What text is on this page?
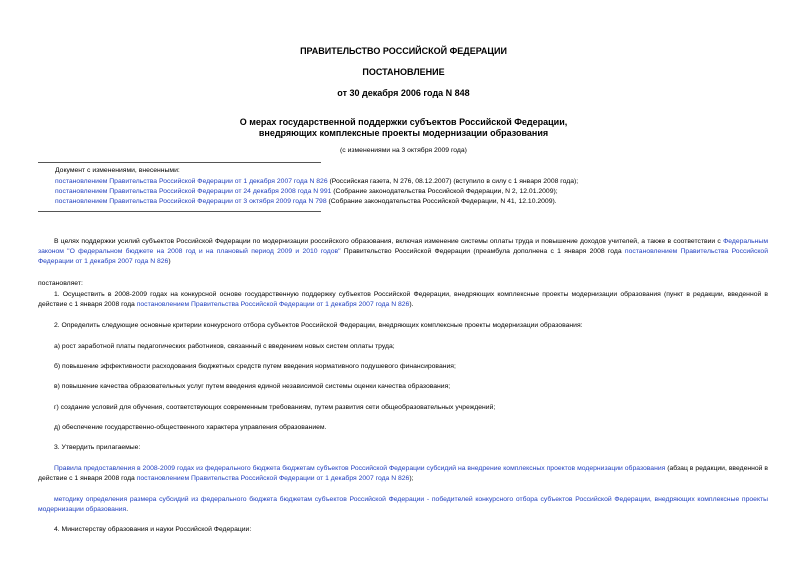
ПРАВИТЕЛЬСТВО РОССИЙСКОЙ ФЕДЕРАЦИИ
ПОСТАНОВЛЕНИЕ
от 30 декабря 2006 года N 848
О мерах государственной поддержки субъектов Российской Федерации,
внедряющих комплексные проекты модернизации образования
(с изменениями на 3 октября 2009 года)
Документ с изменениями, внесенными:
постановлением Правительства Российской Федерации от 1 декабря 2007 года N 826 (Российская газета, N 276, 08.12.2007) (вступило в силу с 1 января 2008 года);
постановлением Правительства Российской Федерации от 24 декабря 2008 года N 991 (Собрание законодательства Российской Федерации, N 2, 12.01.2009);
постановлением Правительства Российской Федерации от 3 октября 2009 года N 798 (Собрание законодательства Российской Федерации, N 41, 12.10.2009).
В целях поддержки усилий субъектов Российской Федерации по модернизации российского образования, включая изменение системы оплаты труда и повышение доходов учителей, а также в соответствии с Федеральным законом "О федеральном бюджете на 2008 год и на плановый период 2009 и 2010 годов" Правительство Российской Федерации (преамбула дополнена с 1 января 2008 года постановлением Правительства Российской Федерации от 1 декабря 2007 года N 826)
постановляет:
1. Осуществить в 2008-2009 годах на конкурсной основе государственную поддержку субъектов Российской Федерации, внедряющих комплексные проекты модернизации образования (пункт в редакции, введенной в действие с 1 января 2008 года постановлением Правительства Российской Федерации от 1 декабря 2007 года N 826).
2. Определить следующие основные критерии конкурсного отбора субъектов Российской Федерации, внедряющих комплексные проекты модернизации образования:
а) рост заработной платы педагогических работников, связанный с введением новых систем оплаты труда;
б) повышение эффективности расходования бюджетных средств путем введения нормативного подушевого финансирования;
в) повышение качества образовательных услуг путем введения единой независимой системы оценки качества образования;
г) создание условий для обучения, соответствующих современным требованиям, путем развития сети общеобразовательных учреждений;
д) обеспечение государственно-общественного характера управления образованием.
3. Утвердить прилагаемые:
Правила предоставления в 2008-2009 годах из федерального бюджета бюджетам субъектов Российской Федерации субсидий на внедрение комплексных проектов модернизации образования (абзац в редакции, введенной в действие с 1 января 2008 года постановлением Правительства Российской Федерации от 1 декабря 2007 года N 826);
методику определения размера субсидий из федерального бюджета бюджетам субъектов Российской Федерации - победителей конкурсного отбора субъектов Российской Федерации, внедряющих комплексные проекты модернизации образования.
4. Министерству образования и науки Российской Федерации:
